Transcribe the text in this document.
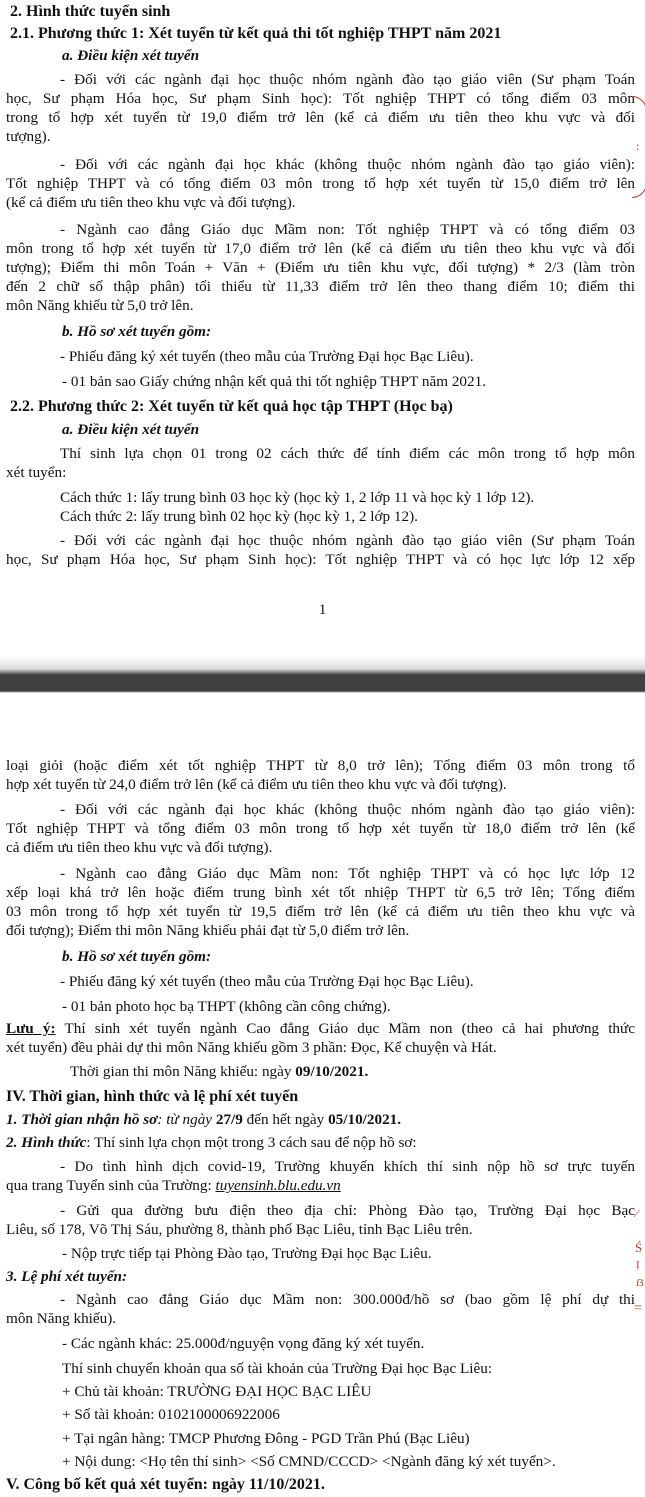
2. Hình thức tuyển sinh
2.1. Phương thức 1: Xét tuyển từ kết quả thi tốt nghiệp THPT năm 2021
a. Điều kiện xét tuyển
- Đối với các ngành đại học thuộc nhóm ngành đào tạo giáo viên (Sư phạm Toán
học, Sư phạm Hóa học, Sư phạm Sinh học): Tốt nghiệp THPT có tổng điểm 03 môn
trong tổ hợp xét tuyển từ 19,0 điểm trở lên (kể cả điểm ưu tiên theo khu vực và đối
tượng).
- Đối với các ngành đại học khác (không thuộc nhóm ngành đào tạo giáo viên):
Tốt nghiệp THPT và có tổng điểm 03 môn trong tổ hợp xét tuyển từ 15,0 điểm trở lên
(kể cả điểm ưu tiên theo khu vực và đối tượng).
- Ngành cao đẳng Giáo dục Mầm non: Tốt nghiệp THPT và có tổng điểm 03
môn trong tổ hợp xét tuyển từ 17,0 điểm trở lên (kể cả điểm ưu tiên theo khu vực và đối
tượng); Điểm thi môn Toán + Văn + (Điểm ưu tiên khu vực, đối tượng) * 2/3 (làm tròn
đến 2 chữ số thập phân) tối thiểu từ 11,33 điểm trở lên theo thang điểm 10; điểm thi
môn Năng khiếu từ 5,0 trở lên.
b. Hồ sơ xét tuyển gồm:
- Phiếu đăng ký xét tuyển (theo mẫu của Trường Đại học Bạc Liêu).
- 01 bản sao Giấy chứng nhận kết quả thi tốt nghiệp THPT năm 2021.
2.2. Phương thức 2: Xét tuyển từ kết quả học tập THPT (Học bạ)
a. Điều kiện xét tuyển
Thí sinh lựa chọn 01 trong 02 cách thức để tính điểm các môn trong tổ hợp môn
xét tuyển:
Cách thức 1: lấy trung bình 03 học kỳ (học kỳ 1, 2 lớp 11 và học kỳ 1 lớp 12).
Cách thức 2: lấy trung bình 02 học kỳ (học kỳ 1, 2 lớp 12).
- Đối với các ngành đại học thuộc nhóm ngành đào tạo giáo viên (Sư phạm Toán
học, Sư phạm Hóa học, Sư phạm Sinh học): Tốt nghiệp THPT và có học lực lớp 12 xếp
1
:
loại giỏi (hoặc điểm xét tốt nghiệp THPT từ 8,0 trở lên); Tổng điểm 03 môn trong tổ
hợp xét tuyển từ 24,0 điểm trở lên (kể cả điểm ưu tiên theo khu vực và đối tượng).
- Đối với các ngành đại học khác (không thuộc nhóm ngành đào tạo giáo viên):
Tốt nghiệp THPT và tổng điểm 03 môn trong tổ hợp xét tuyển từ 18,0 điểm trở lên (kể
cả điểm ưu tiên theo khu vực và đối tượng).
- Ngành cao đẳng Giáo dục Mầm non: Tốt nghiệp THPT và có học lực lớp 12
xếp loại khá trở lên hoặc điểm trung bình xét tốt nhiệp THPT từ 6,5 trở lên; Tổng điểm
03 môn trong tổ hợp xét tuyển từ 19,5 điểm trở lên (kể cả điểm ưu tiên theo khu vực và
đối tượng); Điểm thi môn Năng khiếu phải đạt từ 5,0 điểm trở lên.
b. Hồ sơ xét tuyển gồm:
- Phiếu đăng ký xét tuyển (theo mẫu của Trường Đại học Bạc Liêu).
- 01 bản photo học bạ THPT (không cần công chứng).
Lưu ý: Thí sinh xét tuyển ngành Cao đẳng Giáo dục Mầm non (theo cả hai phương thức
xét tuyển) đều phải dự thi môn Năng khiếu gồm 3 phần: Đọc, Kể chuyện và Hát.
Thời gian thi môn Năng khiếu: ngày 09/10/2021.
IV. Thời gian, hình thức và lệ phí xét tuyển
1. Thời gian nhận hồ sơ: từ ngày 27/9 đến hết ngày 05/10/2021.
2. Hình thức: Thí sinh lựa chọn một trong 3 cách sau để nộp hồ sơ:
- Do tình hình dịch covid-19, Trường khuyến khích thí sinh nộp hồ sơ trực tuyến
qua trang Tuyển sinh của Trường: tuyensinh.blu.edu.vn
- Gửi qua đường bưu điện theo địa chỉ: Phòng Đào tạo, Trường Đại học Bạc
Liêu, số 178, Võ Thị Sáu, phường 8, thành phố Bạc Liêu, tỉnh Bạc Liêu trên.
- Nộp trực tiếp tại Phòng Đào tạo, Trường Đại học Bạc Liêu.
3. Lệ phí xét tuyển:
- Ngành cao đẳng Giáo dục Mầm non: 300.000đ/hồ sơ (bao gồm lệ phí dự thi
môn Năng khiếu).
- Các ngành khác: 25.000đ/nguyện vọng đăng ký xét tuyển.
Thí sinh chuyển khoản qua số tài khoản của Trường Đại học Bạc Liêu:
+ Chủ tài khoản: TRƯỜNG ĐẠI HỌC BẠC LIÊU
+ Số tài khoản: 0102100006922006
+ Tại ngân hàng: TMCP Phương Đông - PGD Trần Phú (Bạc Liêu)
+ Nội dung: <Họ tên thí sinh> <Số CMND/CCCD> <Ngành đăng ký xét tuyển>.
V. Công bố kết quả xét tuyển: ngày 11/10/2021.
⁄
Ś
Ị
ẞ
=
